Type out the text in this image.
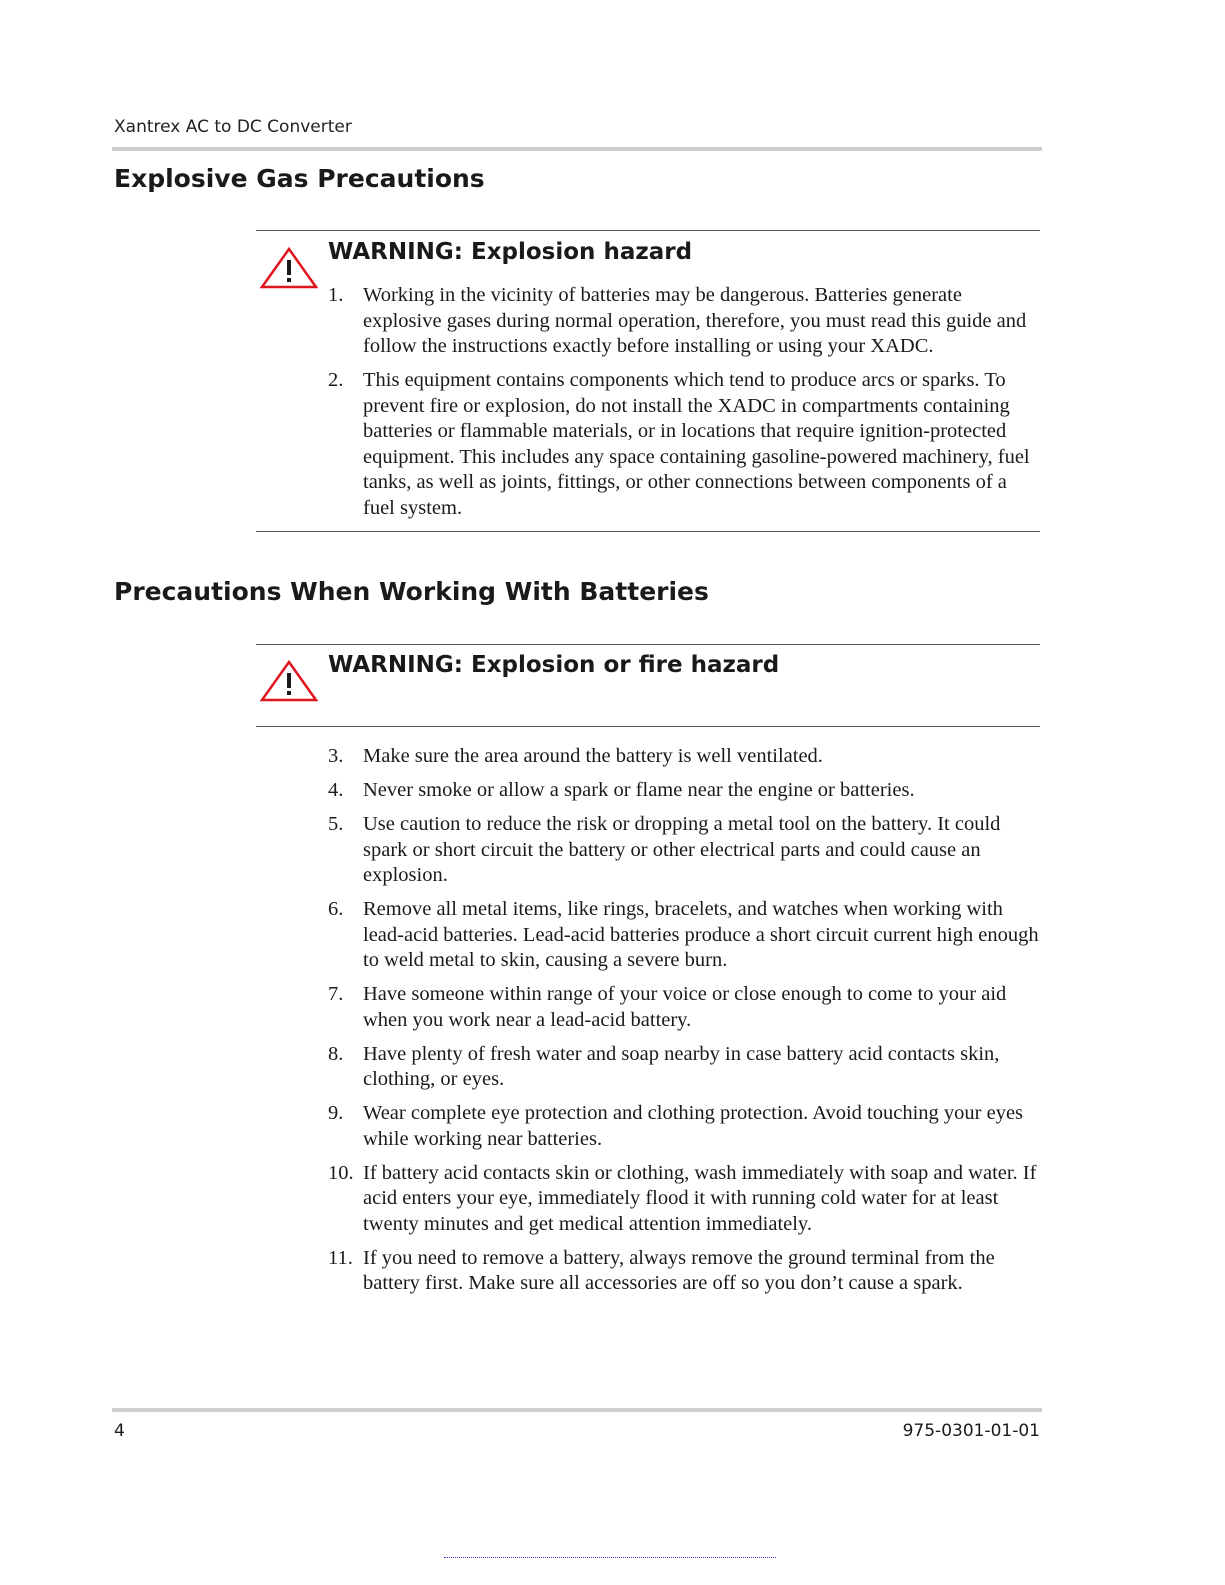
Xantrex AC to DC Converter
Explosive Gas Precautions
WARNING: Explosion hazard
1. Working in the vicinity of batteries may be dangerous. Batteries generate explosive gases during normal operation, therefore, you must read this guide and follow the instructions exactly before installing or using your XADC.
2. This equipment contains components which tend to produce arcs or sparks. To prevent fire or explosion, do not install the XADC in compartments containing batteries or flammable materials, or in locations that require ignition-protected equipment. This includes any space containing gasoline-powered machinery, fuel tanks, as well as joints, fittings, or other connections between components of a fuel system.
Precautions When Working With Batteries
WARNING: Explosion or fire hazard
3. Make sure the area around the battery is well ventilated.
4. Never smoke or allow a spark or flame near the engine or batteries.
5. Use caution to reduce the risk or dropping a metal tool on the battery. It could spark or short circuit the battery or other electrical parts and could cause an explosion.
6. Remove all metal items, like rings, bracelets, and watches when working with lead-acid batteries. Lead-acid batteries produce a short circuit current high enough to weld metal to skin, causing a severe burn.
7. Have someone within range of your voice or close enough to come to your aid when you work near a lead-acid battery.
8. Have plenty of fresh water and soap nearby in case battery acid contacts skin, clothing, or eyes.
9. Wear complete eye protection and clothing protection. Avoid touching your eyes while working near batteries.
10. If battery acid contacts skin or clothing, wash immediately with soap and water. If acid enters your eye, immediately flood it with running cold water for at least twenty minutes and get medical attention immediately.
11. If you need to remove a battery, always remove the ground terminal from the battery first. Make sure all accessories are off so you don’t cause a spark.
4	975-0301-01-01
